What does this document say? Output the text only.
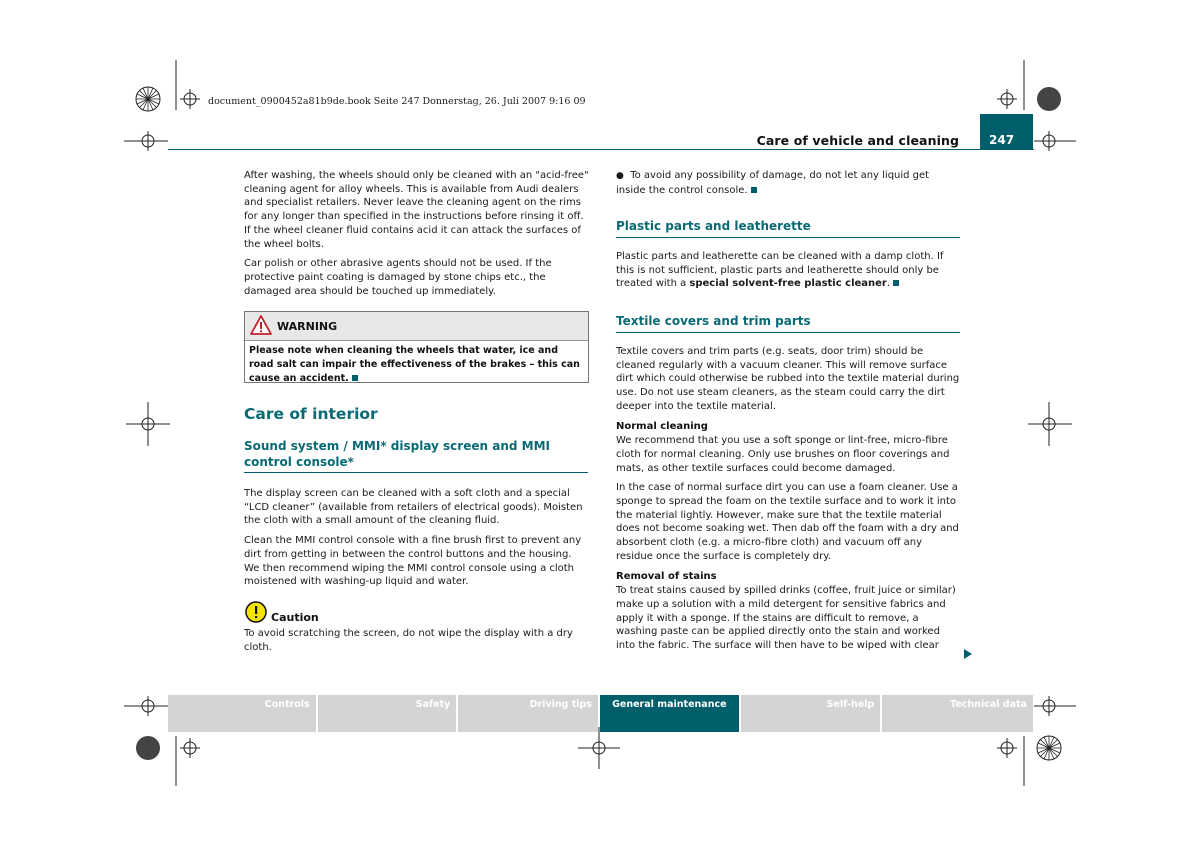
document_0900452a81b9de.book Seite 247 Donnerstag, 26. Juli 2007 9:16 09
Care of vehicle and cleaning	247

After washing, the wheels should only be cleaned with an "acid-free" cleaning agent for alloy wheels. This is available from Audi dealers and specialist retailers. Never leave the cleaning agent on the rims for any longer than specified in the instructions before rinsing it off. If the wheel cleaner fluid contains acid it can attack the surfaces of the wheel bolts.

Car polish or other abrasive agents should not be used. If the protective paint coating is damaged by stone chips etc., the damaged area should be touched up immediately.

WARNING
Please note when cleaning the wheels that water, ice and road salt can impair the effectiveness of the brakes – this can cause an accident.
Care of interior
Sound system / MMI* display screen and MMI control console*

The display screen can be cleaned with a soft cloth and a special “LCD cleaner” (available from retailers of electrical goods). Moisten the cloth with a small amount of the cleaning fluid.

Clean the MMI control console with a fine brush first to prevent any dirt from getting in between the control buttons and the housing. We then recommend wiping the MMI control console using a cloth moistened with washing-up liquid and water.

Caution
To avoid scratching the screen, do not wipe the display with a dry cloth.

● To avoid any possibility of damage, do not let any liquid get inside the control console.

Plastic parts and leatherette

Plastic parts and leatherette can be cleaned with a damp cloth. If this is not sufficient, plastic parts and leatherette should only be treated with a special solvent-free plastic cleaner.

Textile covers and trim parts

Textile covers and trim parts (e.g. seats, door trim) should be cleaned regularly with a vacuum cleaner. This will remove surface dirt which could otherwise be rubbed into the textile material during use. Do not use steam cleaners, as the steam could carry the dirt deeper into the textile material.

Normal cleaning

We recommend that you use a soft sponge or lint-free, micro-fibre cloth for normal cleaning. Only use brushes on floor coverings and mats, as other textile surfaces could become damaged.

In the case of normal surface dirt you can use a foam cleaner. Use a sponge to spread the foam on the textile surface and to work it into the material lightly. However, make sure that the textile material does not become soaking wet. Then dab off the foam with a dry and absorbent cloth (e.g. a micro-fibre cloth) and vacuum off any residue once the surface is completely dry.

Removal of stains

To treat stains caused by spilled drinks (coffee, fruit juice or similar) make up a solution with a mild detergent for sensitive fabrics and apply it with a sponge. If the stains are difficult to remove, a washing paste can be applied directly onto the stain and worked into the fabric. The surface will then have to be wiped with clear

Controls	Safety	Driving tips	General maintenance	Self-help	Technical data
